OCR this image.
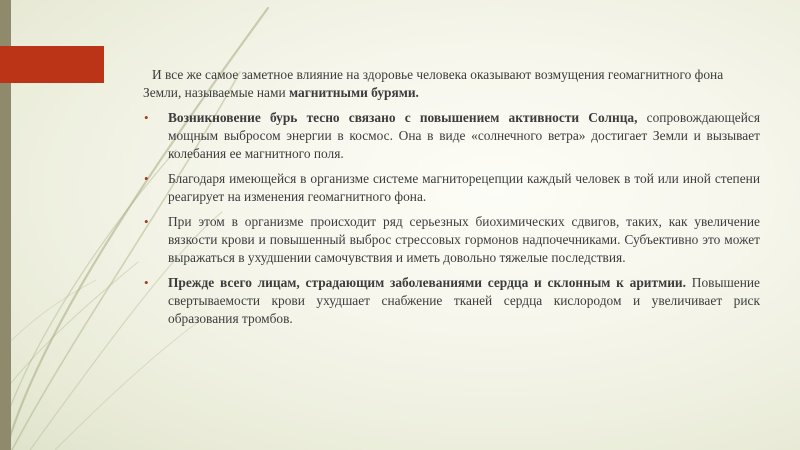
И все же самое заметное влияние на здоровье человека оказывают возмущения геомагнитного фона Земли, называемые нами магнитными бурями.

• Возникновение бурь тесно связано с повышением активности Солнца, сопровождающейся мощным выбросом энергии в космос. Она в виде «солнечного ветра» достигает Земли и вызывает колебания ее магнитного поля.
• Благодаря имеющейся в организме системе магниторецепции каждый человек в той или иной степени реагирует на изменения геомагнитного фона.
• При этом в организме происходит ряд серьезных биохимических сдвигов, таких, как увеличение вязкости крови и повышенный выброс стрессовых гормонов надпочечниками. Субъективно это может выражаться в ухудшении самочувствия и иметь довольно тяжелые последствия.
• Прежде всего лицам, страдающим заболеваниями сердца и склонным к аритмии. Повышение свертываемости крови ухудшает снабжение тканей сердца кислородом и увеличивает риск образования тромбов.
